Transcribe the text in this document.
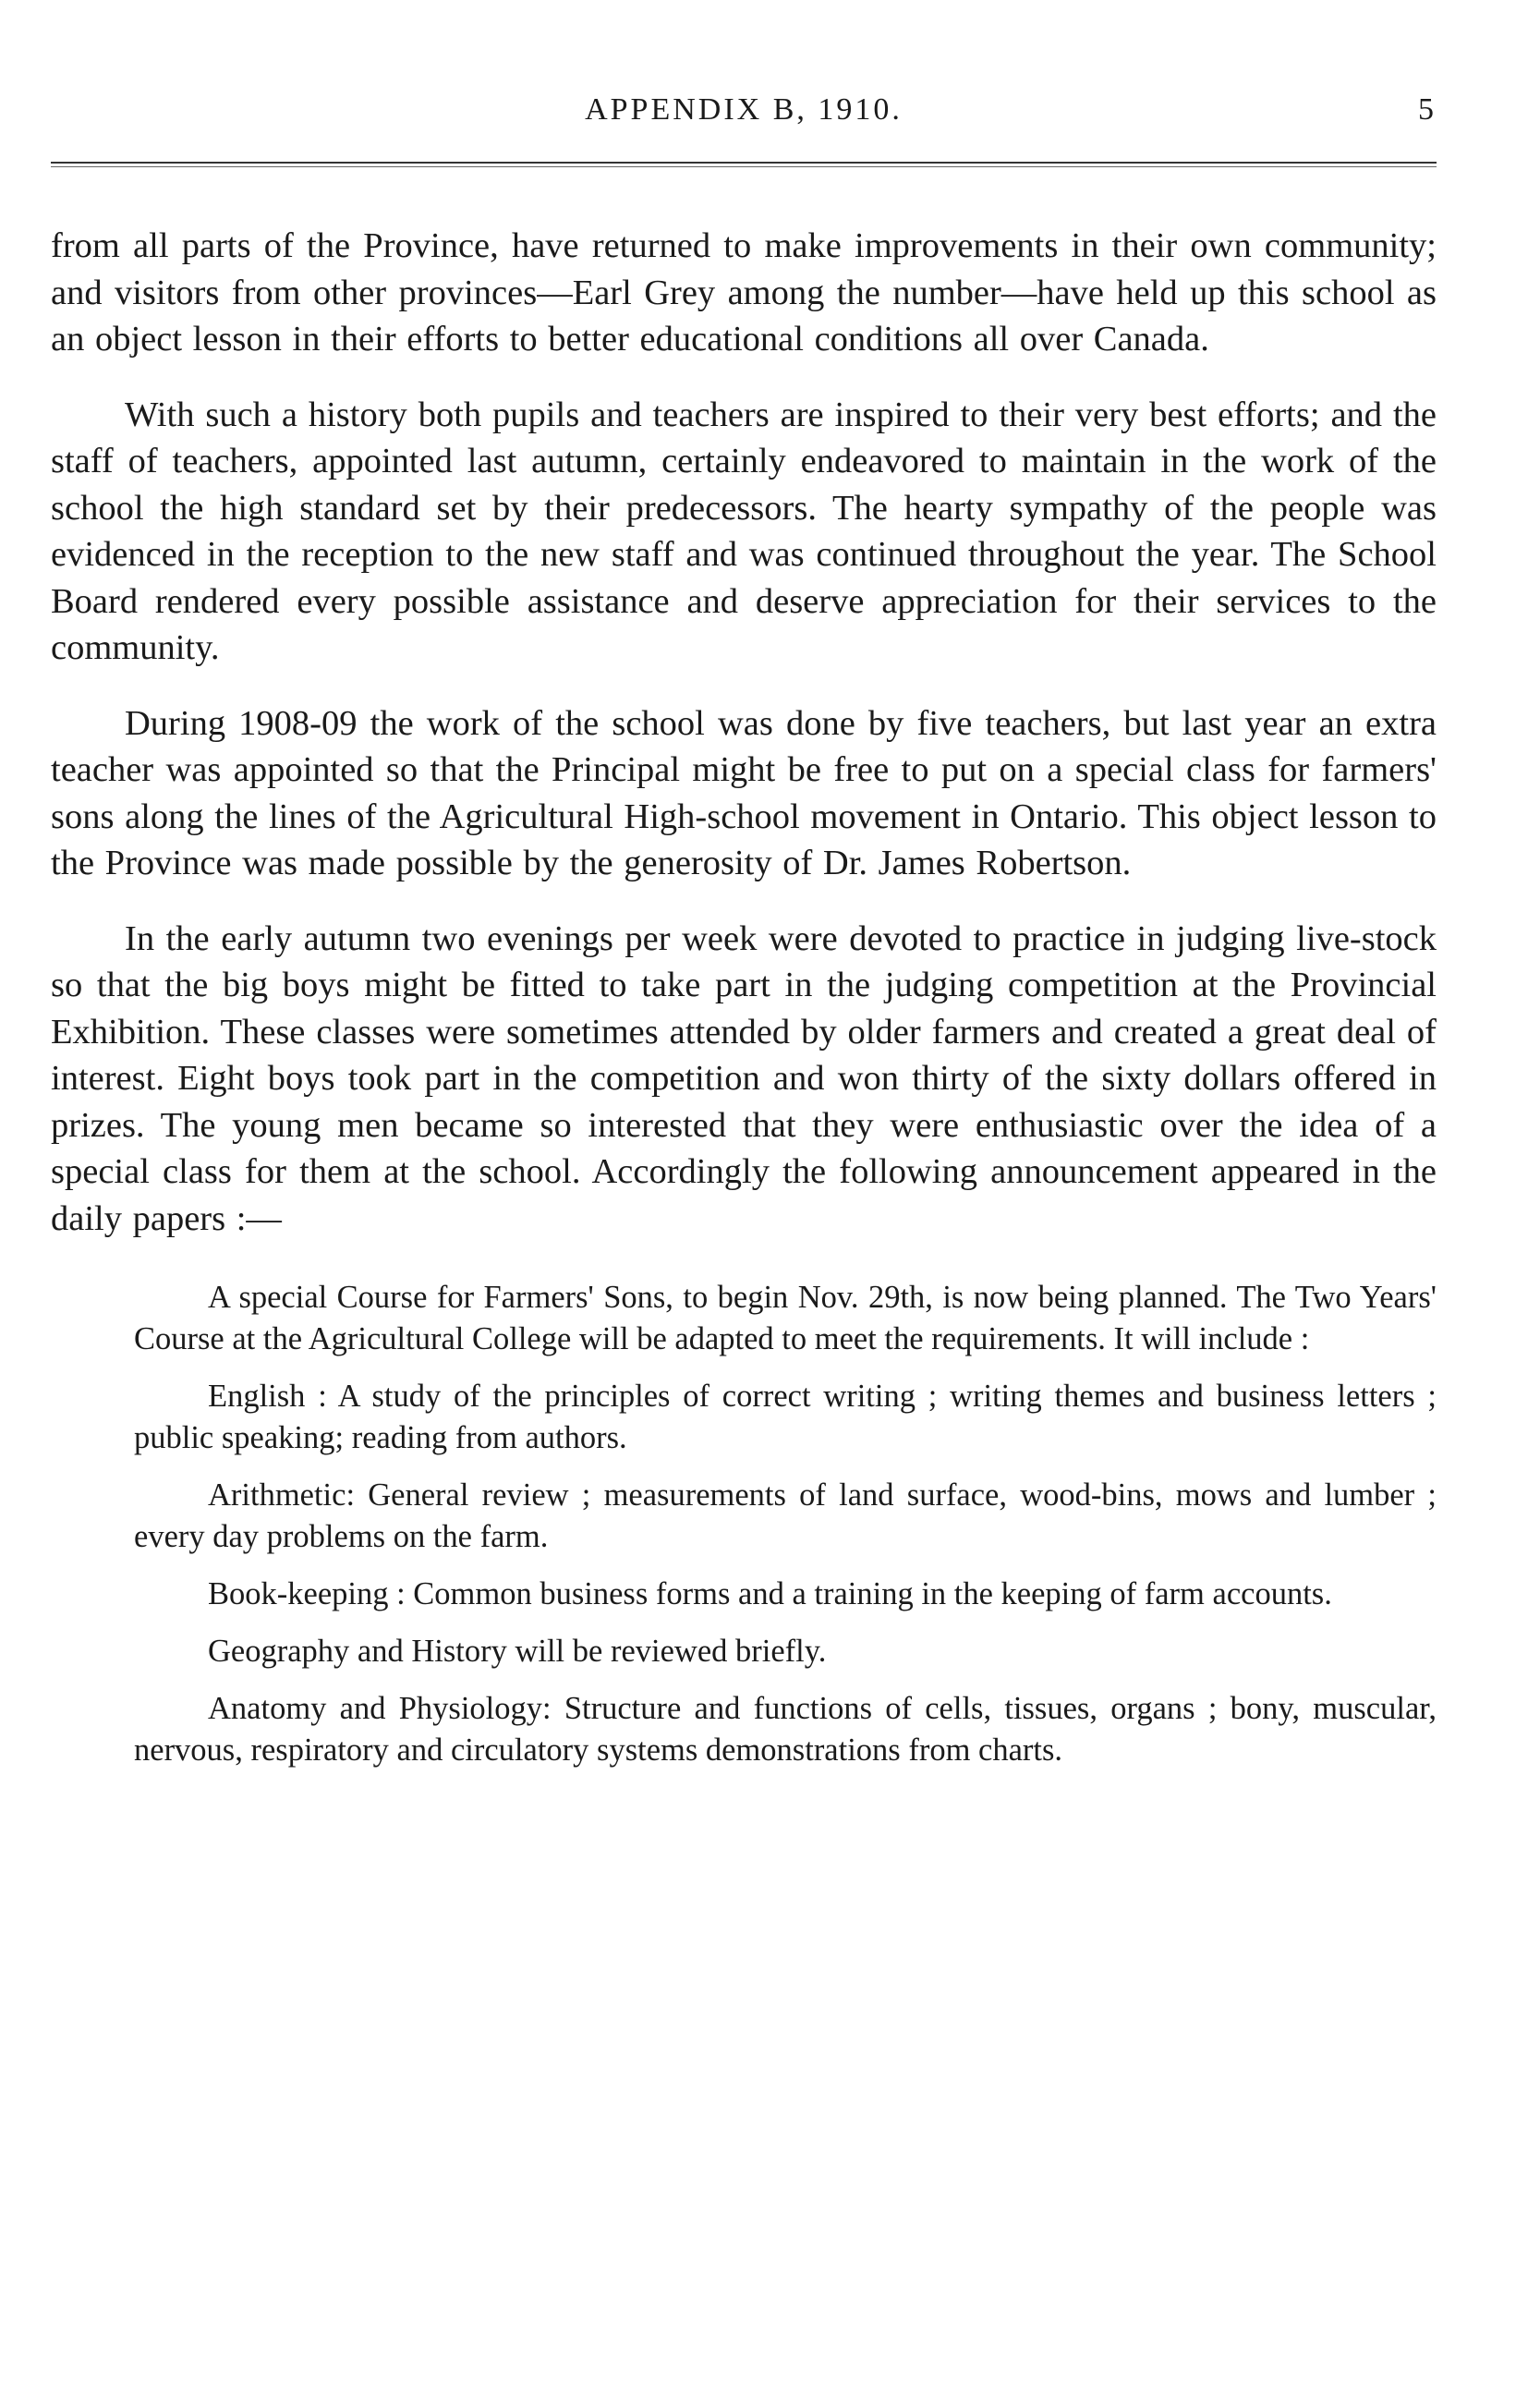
APPENDIX B, 1910.	5

from all parts of the Province, have returned to make improvements in their own community; and visitors from other provinces—Earl Grey among the number—have held up this school as an object lesson in their efforts to better educational conditions all over Canada.

With such a history both pupils and teachers are inspired to their very best efforts; and the staff of teachers, appointed last autumn, certainly endeavored to maintain in the work of the school the high standard set by their predecessors. The hearty sympathy of the people was evidenced in the reception to the new staff and was continued throughout the year. The School Board rendered every possible assistance and deserve appreciation for their services to the community.

During 1908-09 the work of the school was done by five teachers, but last year an extra teacher was appointed so that the Principal might be free to put on a special class for farmers' sons along the lines of the Agricultural High-school movement in Ontario. This object lesson to the Province was made possible by the generosity of Dr. James Robertson.

In the early autumn two evenings per week were devoted to practice in judging live-stock so that the big boys might be fitted to take part in the judging competition at the Provincial Exhibition. These classes were sometimes attended by older farmers and created a great deal of interest. Eight boys took part in the competition and won thirty of the sixty dollars offered in prizes. The young men became so interested that they were enthusiastic over the idea of a special class for them at the school. Accordingly the following announcement appeared in the daily papers :—

A special Course for Farmers' Sons, to begin Nov. 29th, is now being planned. The Two Years' Course at the Agricultural College will be adapted to meet the requirements. It will include :

English : A study of the principles of correct writing ; writing themes and business letters ; public speaking; reading from authors.

Arithmetic: General review ; measurements of land surface, wood-bins, mows and lumber ; every day problems on the farm.

Book-keeping : Common business forms and a training in the keeping of farm accounts.

Geography and History will be reviewed briefly.

Anatomy and Physiology: Structure and functions of cells, tissues, organs ; bony, muscular, nervous, respiratory and circulatory systems demonstrations from charts.
